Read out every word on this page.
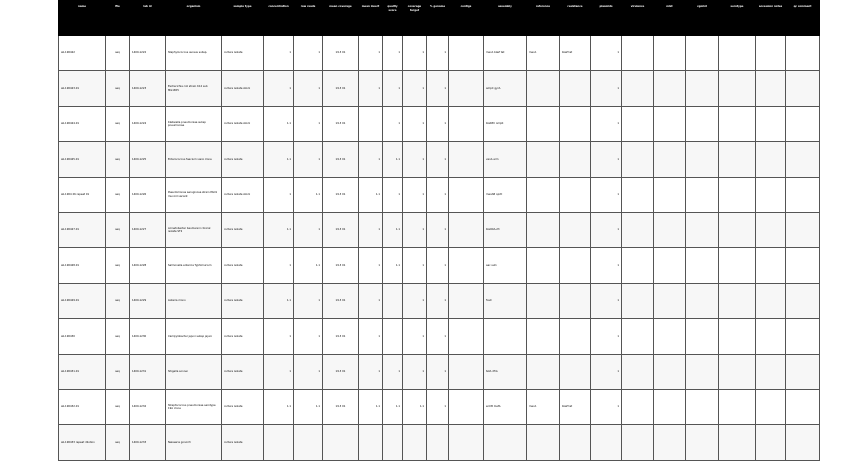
name	file	lab id	organism	sample type	concentration	raw reads	mean coverage	mean insert	quality score	coverage target	% genome	contigs	assembly	reference	resistance	plasmids	virulence	mlst	cgmlst	serotype	accession notes	qc comment
ab.190422	seq	1400-1222	Staphylococcus aureus subsp.	culture isolate	1	1	19.3 01	1	1	1	1		mecA blaZ tet	mecA	blaZ tet	1						
ab.190423.01	seq	1400-1223	Escherichia coli strain K12 sub MG1655	culture isolate stock	1	1	19.3 01	1	1	1	1		ampC gyrA			1						
ab.190424.01	seq	1400-1224	Klebsiella pneumoniae subsp pneumoniae	culture isolate stock	1.1	1	19.3 01		1	1	1		blaKPC ompK			1						
ab.190425.01	seq	1400-1225	Enterococcus faecium vanA clone	culture isolate	1.1	1	19.3 01	1	1.1	1	1		vanA erm			1						
ab.1904 26 repeat 01	seq	1400-1226	Pseudomonas aeruginosa strain PAO1 mucoid variant	culture isolate stock	1	1.1	19.3 01	1.1	1	1	1		mexAB oprD			1						
ab.190427.01	seq	1400-1227	Acinetobacter baumannii clinical isolate ST2	culture isolate	1.1	1	19.3 01	1	1.1	1	1		blaOXA-23			1						
ab.190428.01	seq	1400-1228	Salmonella enterica Typhimurium	culture isolate	1	1.1	19.3 01	1	1.1	1	1		aac sul1			1						
ab.190429.01	seq	1400-1229	Listeria mono	culture isolate	1.1	1	19.3 01	1		1	1		fosX			1						
ab.190430	seq	1400-1230	Campylobacter jejuni subsp jejuni	culture isolate	1	1	19.3 01	1		1	1					1						
ab.190431.01	seq	1400-1231	Shigella sonnei	culture isolate	1	1	19.3 01	1	1	1	1		tetA dfrA			1						
ab.190432.01	seq	1400-1232	Streptococcus pneumoniae serotype 19A clone	culture isolate	1.1	1.1	19.3 01	1.1	1.1	1.1	1		ermB mefA	mecA	blaZ tet	1						
ab.190433 repeat dilution	seq	1400-1233	Neisseria gonorrh	culture isolate																		
